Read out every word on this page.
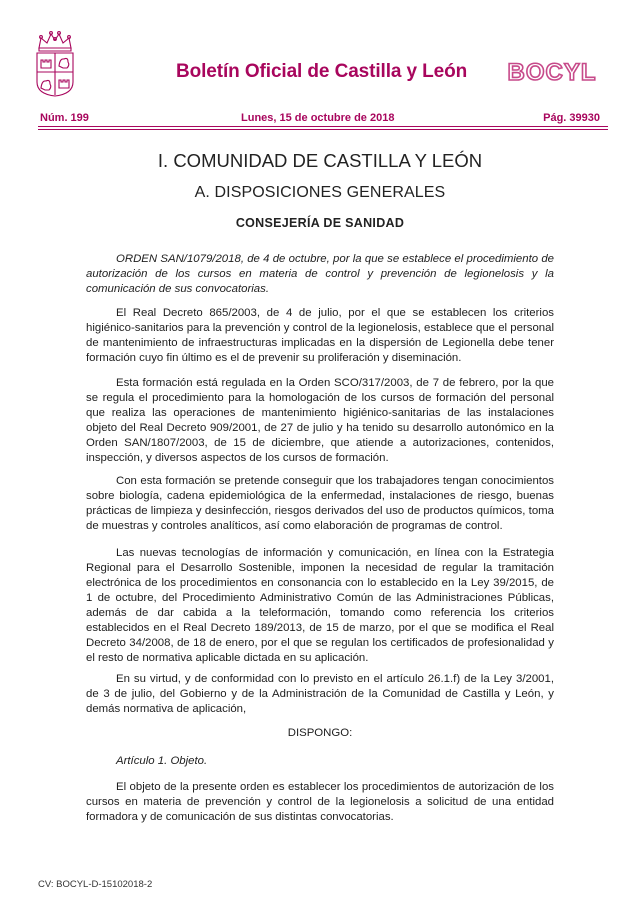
Boletín Oficial de Castilla y León BOCYL
Núm. 199	Lunes, 15 de octubre de 2018	Pág. 39930
I. COMUNIDAD DE CASTILLA Y LEÓN
A. DISPOSICIONES GENERALES
CONSEJERÍA DE SANIDAD
ORDEN SAN/1079/2018, de 4 de octubre, por la que se establece el procedimiento de autorización de los cursos en materia de control y prevención de legionelosis y la comunicación de sus convocatorias.
El Real Decreto 865/2003, de 4 de julio, por el que se establecen los criterios higiénico-sanitarios para la prevención y control de la legionelosis, establece que el personal de mantenimiento de infraestructuras implicadas en la dispersión de Legionella debe tener formación cuyo fin último es el de prevenir su proliferación y diseminación.
Esta formación está regulada en la Orden SCO/317/2003, de 7 de febrero, por la que se regula el procedimiento para la homologación de los cursos de formación del personal que realiza las operaciones de mantenimiento higiénico-sanitarias de las instalaciones objeto del Real Decreto 909/2001, de 27 de julio y ha tenido su desarrollo autonómico en la Orden SAN/1807/2003, de 15 de diciembre, que atiende a autorizaciones, contenidos, inspección, y diversos aspectos de los cursos de formación.
Con esta formación se pretende conseguir que los trabajadores tengan conocimientos sobre biología, cadena epidemiológica de la enfermedad, instalaciones de riesgo, buenas prácticas de limpieza y desinfección, riesgos derivados del uso de productos químicos, toma de muestras y controles analíticos, así como elaboración de programas de control.
Las nuevas tecnologías de información y comunicación, en línea con la Estrategia Regional para el Desarrollo Sostenible, imponen la necesidad de regular la tramitación electrónica de los procedimientos en consonancia con lo establecido en la Ley 39/2015, de 1 de octubre, del Procedimiento Administrativo Común de las Administraciones Públicas, además de dar cabida a la teleformación, tomando como referencia los criterios establecidos en el Real Decreto 189/2013, de 15 de marzo, por el que se modifica el Real Decreto 34/2008, de 18 de enero, por el que se regulan los certificados de profesionalidad y el resto de normativa aplicable dictada en su aplicación.
En su virtud, y de conformidad con lo previsto en el artículo 26.1.f) de la Ley 3/2001, de 3 de julio, del Gobierno y de la Administración de la Comunidad de Castilla y León, y demás normativa de aplicación,
DISPONGO:
Artículo 1. Objeto.
El objeto de la presente orden es establecer los procedimientos de autorización de los cursos en materia de prevención y control de la legionelosis a solicitud de una entidad formadora y de comunicación de sus distintas convocatorias.
CV: BOCYL-D-15102018-2
